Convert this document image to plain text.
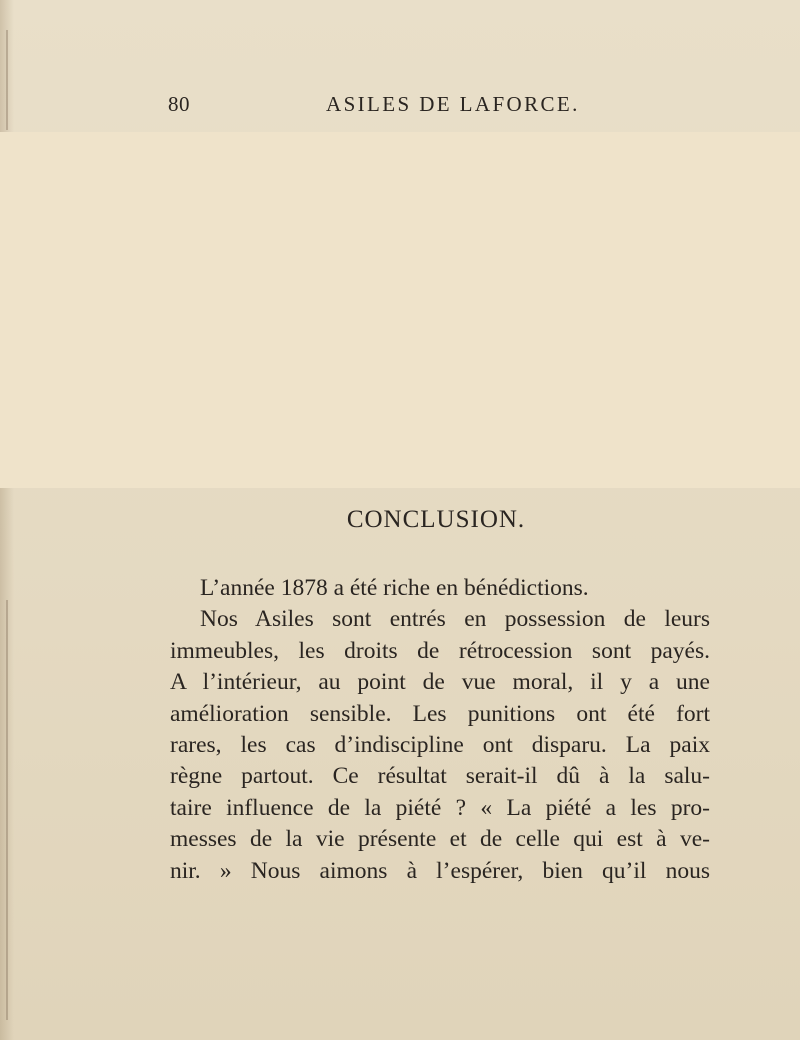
80	ASILES DE LAFORCE.
CONCLUSION.
L’année 1878 a été riche en bénédictions.
Nos Asiles sont entrés en possession de leurs
immeubles, les droits de rétrocession sont payés.
A l’intérieur, au point de vue moral, il y a une
amélioration sensible. Les punitions ont été fort
rares, les cas d’indiscipline ont disparu. La paix
règne partout. Ce résultat serait-il dû à la salu-
taire influence de la piété ? « La piété a les pro-
messes de la vie présente et de celle qui est à ve-
nir. » Nous aimons à l’espérer, bien qu’il nous
